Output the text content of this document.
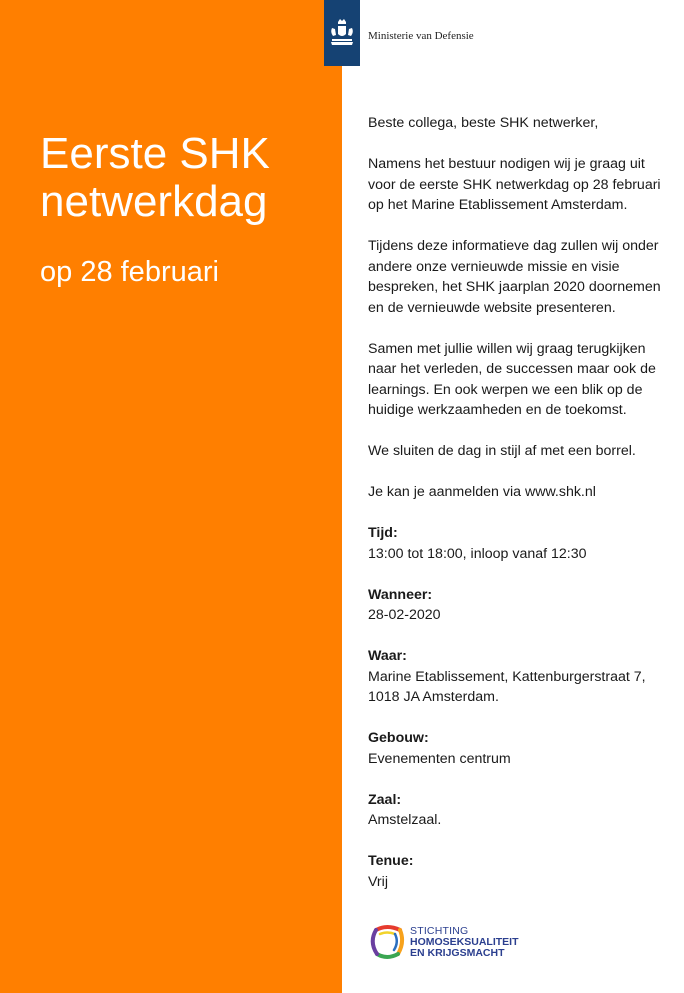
Ministerie van Defensie
Eerste SHK
netwerkdag
op 28 februari

Beste collega, beste SHK netwerker,

Namens het bestuur nodigen wij je graag uit voor de eerste SHK netwerkdag op 28 februari op het Marine Etablissement Amsterdam.

Tijdens deze informatieve dag zullen wij onder andere onze vernieuwde missie en visie bespreken, het SHK jaarplan 2020 doornemen en de vernieuwde website presenteren.

Samen met jullie willen wij graag terugkijken naar het verleden, de successen maar ook de learnings. En ook werpen we een blik op de huidige werkzaamheden en de toekomst.

We sluiten de dag in stijl af met een borrel.

Je kan je aanmelden via www.shk.nl

Tijd:
13:00 tot 18:00, inloop vanaf 12:30
Wanneer:
28-02-2020
Waar:
Marine Etablissement, Kattenburgerstraat 7,
1018 JA Amsterdam.
Gebouw:
Evenementen centrum
Zaal:
Amstelzaal.
Tenue:
Vrij
STICHTING
HOMOSEKSUALITEIT
EN KRIJGSMACHT
